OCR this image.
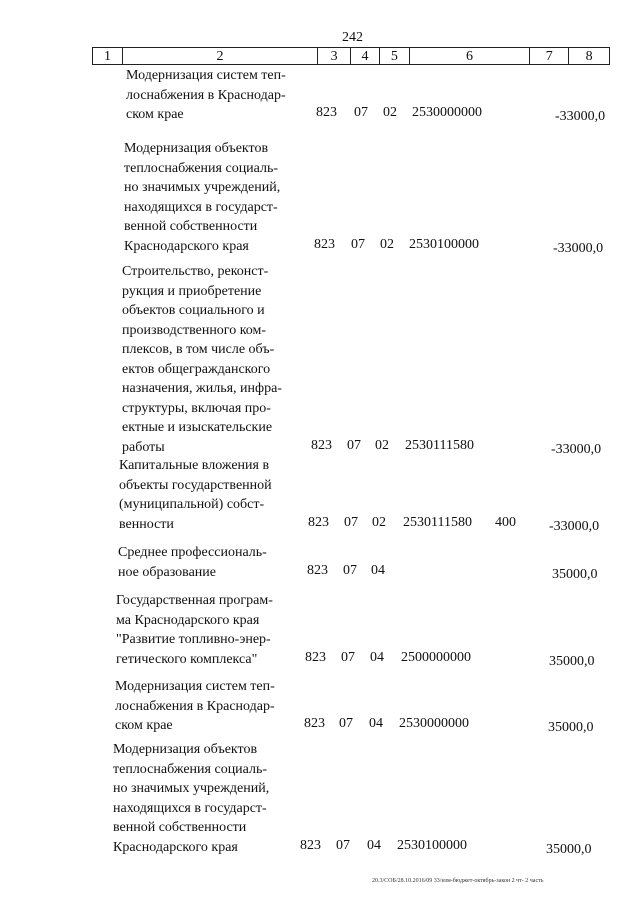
242
1	2	3	4	5	6	7	8
Модернизация систем теп-
лоснабжения в Краснодар-
ском крае	823 07 02 2530000000	-33000,0
Модернизация объектов
теплоснабжения социаль-
но значимых учреждений,
находящихся в государст-
венной собственности
Краснодарского края	823 07 02 2530100000	-33000,0
Строительство, реконст-
рукция и приобретение
объектов социального и
производственного ком-
плексов, в том числе объ-
ектов общегражданского
назначения, жилья, инфра-
структуры, включая про-
ектные и изыскательские
работы	823 07 02 2530111580	-33000,0
Капитальные вложения в
объекты государственной
(муниципальной) собст-
венности	823 07 02 2530111580 400 -33000,0
Среднее профессиональ-
ное образование	823 07 04	35000,0
Государственная програм-
ма Краснодарского края
"Развитие топливно-энер-
гетического комплекса"	823 07 04 2500000000	35000,0
Модернизация систем теп-
лоснабжения в Краснодар-
ском крае	823 07 04 2530000000	35000,0
Модернизация объектов
теплоснабжения социаль-
но значимых учреждений,
находящихся в государст-
венной собственности
Краснодарского края	823 07 04 2530100000	35000,0
20.3/СОБ/28.10.2016/09 33/изм-бюджет-октябрь-закон 2 чт- 2 часть
